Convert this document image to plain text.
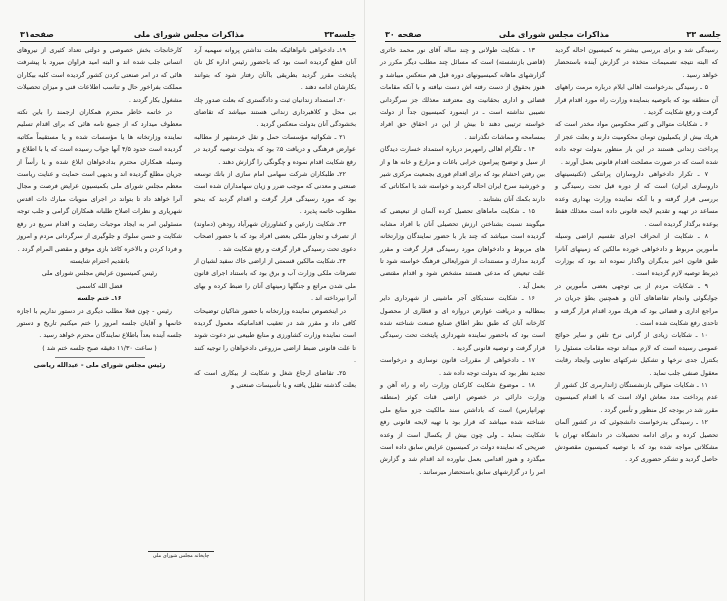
جلسه۳۳
مذاکرات مجلس شورای ملی
صفحه۳۱

۱۹ـ دادخواهی نانواهائیکه بعلت نداشتن پروانه سهمیه آرد آنان قطع گردیده است بود که باحضور رئیس اداره کل نان پایتخت مقرر گردید بطریقی باآنان رفتار شود که بتوانند بکارشان ادامه دهند .

۲۰ـ استمداد زندانیان ثبت و دادگستری که بعلت صدور چك بی محل و کلاهبرداری زندانی هستند میباشد که تقاضای بخشودگی آنان بدولت منعکس گردید .

۲۱ ـ شکوائیه مؤسسات حمل و نقل خرمشهر از مطالبه عوارض فرهنگی و دریافت ۵٪ بود که بدولت توصیه گردید در رفع شکایت اقدام نموده و چگونگی را گزارش دهند .

۲۲ـ طلبکاران شرکت سهامی امام سازی از بانك توسعه صنعتی و معدنی که موجب ضرر و زیان سهامداران شده است بود که مورد رسیدگی قرار گرفت و اقدام گردید که بنحو مطلوب خاتمه پذیرد .

۲۳ـ شکایت زارعین و کشاورزان شهرآباد رودهن (دماوند) از تصرف و تجاوز ملکی بعضی افراد بود که با حضور اصحاب دعوی تحت رسیدگی قرار گرفت و رفع شکایت شد .

۲۴ـ شکایت مالکین قسمتی از اراضی خاك سفید لشیان از تصرفات ملکی وزارت آب و برق بود که باستناد اجرای قانون ملی شدن مراتع و جنگلها زمینهای آنان را ضبط کرده و بهای آنرا نپرداخته اند .

در اینخصوص نماینده وزارتخانه با حضور شاکیان توضیحات کافی داد و مقرر شد در تعقیب اقداماتیکه معمول گردیده است نماینده وزارت کشاورزی و منابع طبیعی نیز دعوت شوند تا علت قانونی ضبط اراضی مزروعی دادخواهان را توجیه کنند .

۲۵ـ تقاضای ارجاع شغل و شکایت از بیکاری است که بعلت گذشته تقلیل یافته و یا تأسیسات صنعتی و

کارخانجات بخش خصوصی و دولتی تعداد کثیری از نیروهای انسانی جلب شده اند و البته امید فراوان میرود با پیشرفت هائی که در امر صنعتی کردن کشور گردیده است کلیه بیکاران مملکت بفراخور حال و تناسب اطلاعات فنی و میزان تحصیلات مشغول بکار گردند .

در خاتمه خاطر محترم همکاران ارجمند را باین نکته معطوف میدارد که از جمیع نامه هائی که برای اقدام تسلیم نماینده وزارتخانه ها یا مؤسسات شده و یا مستقیماً مکاتبه گردیده است حدود ۴/۵ آنها جواب رسیده است که یا با اطلاع و وسیله همکاران محترم بدادخواهان ابلاغ شده و یا رأساً از جریان مطلع گردیده اند و بدیهی است حمایت و عنایت ریاست معظم مجلس شورای ملی بکمیسیون عرایض فرصت و مجال آنرا خواهد داد تا بتواند در اجرای منویات مبارك ذات اقدس شهریاری و نظرات اصلاح طلبانه همکاران گرامی و جلب توجه مسئولین امر به ایجاد موجبات رضایت و اقدام سریع در رفع شکایت و حسن سلوك و جلوگیری از سرگردانی مردم و امروز و فردا کردن و بالاخره کاغذ بازی موفق و مقضی المرام گردد .

باتقدیم احترام شایسته

رئیس کمیسیون عرایض مجلس شورای ملی

فضل الله کاسمی

۱۶ـ ختم جلسه

رئیس - چون فعلا مطلب دیگری در دستور نداریم با اجازه خانمها و آقایان جلسه امروز را ختم میکنیم تاریخ و دستور جلسه آینده بعداً باطلاع نمایندگان محترم خواهد رسید .

( ساعت ۱۱/۳۰ دقیقه صبح جلسه ختم شد )

رئیس مجلس شورای ملی - عبدالله ریاضی

چاپخانه مجلس شورای ملی
جلسه ۳۳
مذاکرات مجلس شورای ملی
صفحه ۳۰

رسیدگی شد و برای بررسی بیشتر به کمیسیون احاله گردید که البته نتیجه تصمیمات متخذه در گزارش آینده باستحضار خواهد رسید .

۵ ـ رسیدگی بدرخواست اهالی ایلام درباره مرمت راههای آن منطقه بود که باتوصیه بنماینده وزارت راه مورد اقدام قرار گرفت و رفع شکایت گردید .

۶ ـ شکایات متوالی و کثیر محکومین مواد مخدر است که هریك بیش از یکمیلیون تومان محکومیت دارند و بعلت عجز از پرداخت زندانی هستند در این بار منظور بدولت توجه داده شده است که در صورت مصلحت اقدام قانونی بعمل آورند .

۷ ـ تکرار دادخواهی داروسازان پرانتکی (تکنیسینهای داروسازی ایران) است که از دوره قبل تحت رسیدگی و بررسی قرار گرفته و با آنکه نماینده وزارت بهداری وعده مساعد در تهیه و تقدیم لایحه قانونی داده است معذلك فقط بوعده برگذار گردیده است .

۸ ـ شکایت از انحراف اجرای تقسیم اراضی وسیله مأمورین مربوط و دادخواهی خورده مالکین که زمینهای آنانرا طبق قانون اخیر بدیگران واگذار نموده اند بود که بوزارت ذیربط توصیه لازم گردیده است .

۹ ـ شکایات مردم از بی توجهی بعضی مأمورین در جوابگوئی وانجام تقاضاهای آنان و همچنین بطؤ جریان در مراجع اداری و قضائی بود که هریك مورد اقدام قرار گرفته و تاحدی رفع شکایت شده است .

۱۰ ـ شکایات زیادی از گرانی نرخ تلفن و سایر حوائج عمومی رسیده است که لازم میداند توجه مقامات مسئول را بکنترل جدی نرخها و تشکیل شرکتهای تعاونی وایجاد رقابت معقول صنفی جلب نماید .

۱۱ ـ شکایات متوالی بازنشستگان ژاندارمری کل کشور از عدم پرداخت مدد معاش اولاد است که با اقدام کمیسیون مقرر شد در بودجه کل منظور و تأمین گردد .

۱۲ ـ رسیدگی بدرخواست دانشجوئی که در کشور آلمان تحصیل کرده و برای ادامه تحصیلات در دانشگاه تهران با مشکلاتی مواجه شده بود که با توصیه کمیسیون مقصودش حاصل گردید و تشکر حضوری کرد .

۱۳ ـ شکایت طولانی و چند ساله آقای نور محمد خاتری (قاضی بازنشسته) است که مسائل چند مطلب دیگر مکرر در گزارشهای ماهانه کمیسیونهای دوره قبل هم منعکس میباشد و هنوز بحقوق از دست رفته اش دست نیافته و با آنکه مقامات قضائی و اداری بحقانیت وی معترفند معذلك جز سرگردانی نصیبی نداشته است ـ در اینمورد کمیسیون جداً از دولت خواسته ترتیبی دهند تا بیش از این در احقاق حق افراد بمسامحه و مماشات نگذرانند .

۱۴ ـ تلگرام اهالی رامهرمز درباره استمداد خسارت دیدگان از سیل و توضیح پیرامون خرابی باغات و مزارع و خانه ها و از بین رفتن احشام بود که برای اقدام فوری بجمعیت مرکزی شیر و خورشید سرخ ایران احاله گردید و خواسته شد با امکاناتی که دارند بکمك آنان بشتابند .

۱۵ ـ شکایت ماماهای تحصیل کرده آلمان از تبعیضی که میگویند نسبت بشناختن ارزش تحصیلی آنان با افراد مشابه گردیده است میباشد که چند بار با حضور نمایندگان وزارتخانه های مربوط و دادخواهان مورد رسیدگی قرار گرفت و مقرر گردید مدارك و مستندات از شورایعالی فرهنگ خواسته شود تا علت تبعیض که مدعی هستند مشخص شود و اقدام مقتضی بعمل آید .

۱۶ ـ شکایت سندیکای آجر ماشینی از شهرداری دایر بمطالبه و دریافت عوارض دروازه ای و قطاری از محصول کارخانه آنان که طبق نظر اطاق صنایع صنعت شناخته شده است بود که باحضور نماینده شهرداری پایتخت تحت رسیدگی قرار گرفت و توصیه قانونی گردید .

۱۷ ـ دادخواهی از مقررات قانون نوسازی و درخواست تجدید نظر بود که بدولت توجه داده شد .

۱۸ ـ موضوع شکایت کارکنان وزارت راه و راه آهن و وزارت دارائی در خصوص اراضی قنات کوثر (منطقه تهرانپارس) است که باداشتن سند مالکیت جزو منابع ملی شناخته شده میباشد که قرار بود با تهیه لایحه قانونی رفع شکایت بنماید ـ ولی چون بیش از یکسال است از وعده صریحی که نماینده دولت در کمیسیون عرایض سابق داده است میگذرد و هنوز اقدامی بعمل نیاورده اند اقدام شد و گزارش امر را در گزارشهای سابق باستحضار میرسانند .
